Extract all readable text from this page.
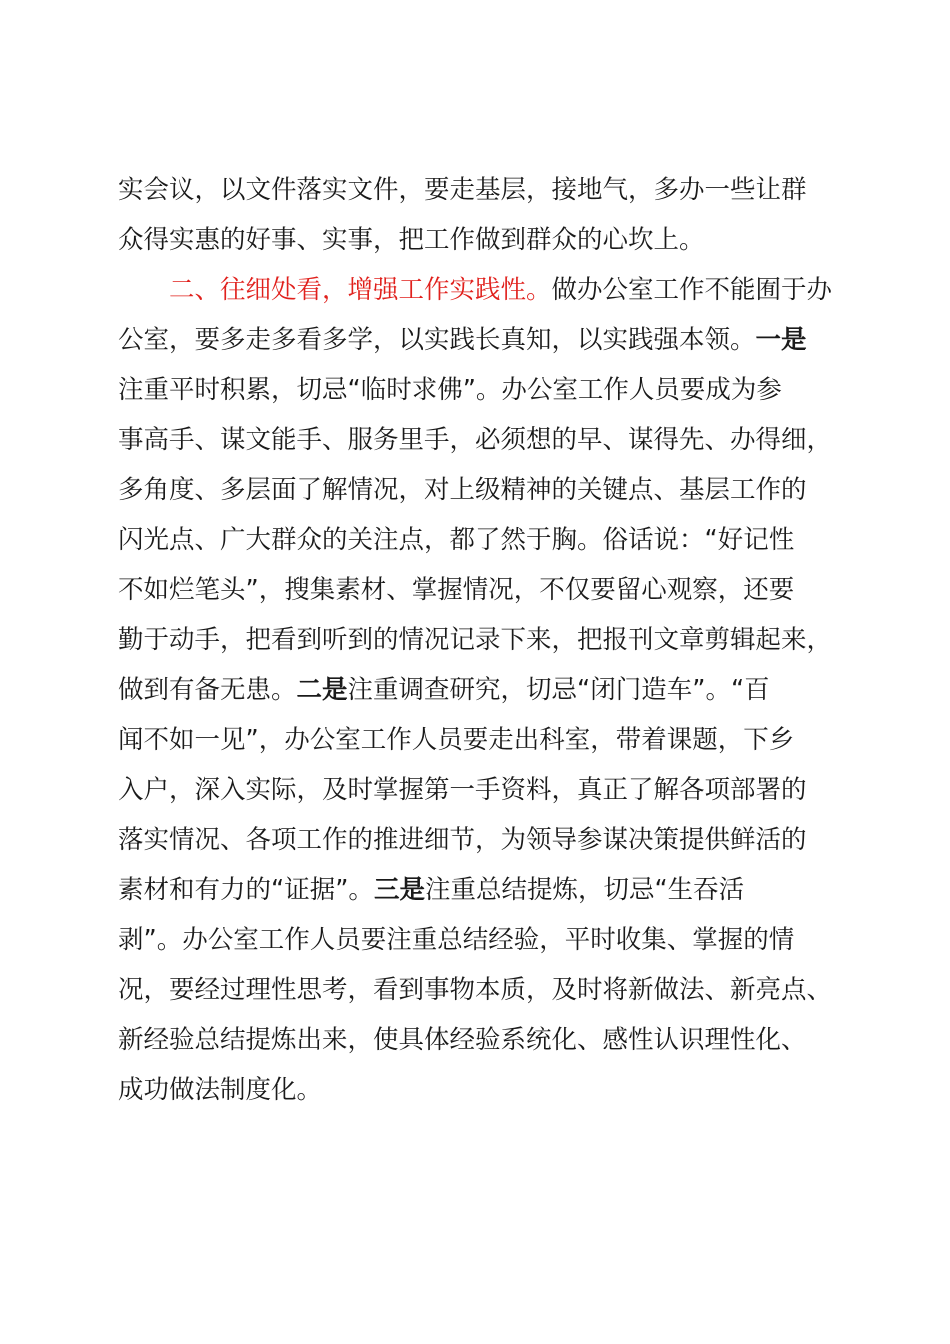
实会议，以文件落实文件，要走基层，接地气，多办一些让群
众得实惠的好事、实事，把工作做到群众的心坎上。
　　二、往细处看，增强工作实践性。做办公室工作不能囿于办
公室，要多走多看多学，以实践长真知，以实践强本领。一是
注重平时积累，切忌“临时求佛”。办公室工作人员要成为参
事高手、谋文能手、服务里手，必须想的早、谋得先、办得细，
多角度、多层面了解情况，对上级精神的关键点、基层工作的
闪光点、广大群众的关注点，都了然于胸。俗话说：“好记性
不如烂笔头”，搜集素材、掌握情况，不仅要留心观察，还要
勤于动手，把看到听到的情况记录下来，把报刊文章剪辑起来，
做到有备无患。二是注重调查研究，切忌“闭门造车”。“百
闻不如一见”，办公室工作人员要走出科室，带着课题，下乡
入户，深入实际，及时掌握第一手资料，真正了解各项部署的
落实情况、各项工作的推进细节，为领导参谋决策提供鲜活的
素材和有力的“证据”。三是注重总结提炼，切忌“生吞活
剥”。办公室工作人员要注重总结经验，平时收集、掌握的情
况，要经过理性思考，看到事物本质，及时将新做法、新亮点、
新经验总结提炼出来，使具体经验系统化、感性认识理性化、
成功做法制度化。
